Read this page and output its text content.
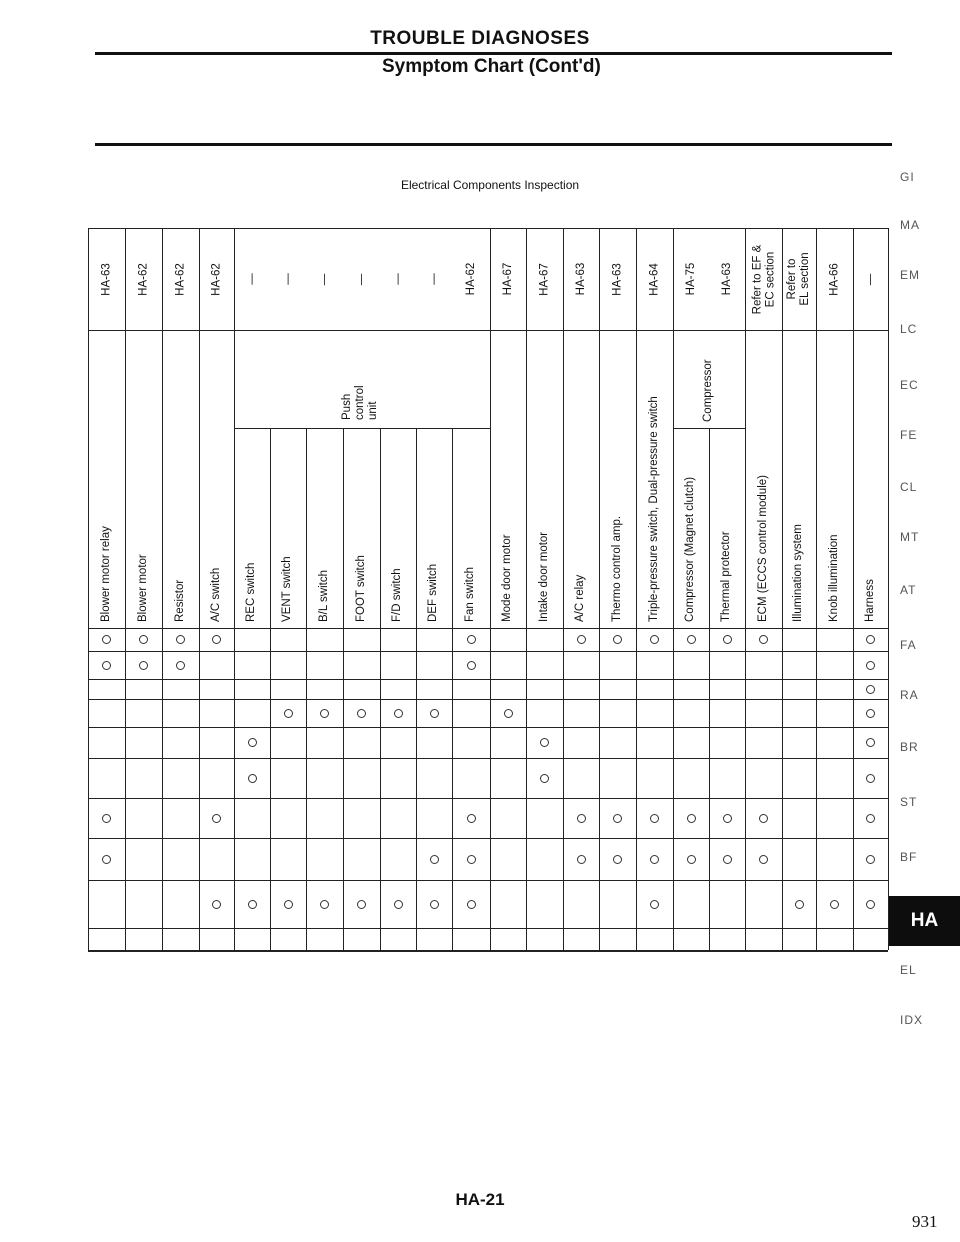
TROUBLE DIAGNOSES
Symptom Chart (Cont'd)
Electrical Components Inspection
HA-63
Blower motor relay
HA-62
Blower motor
HA-62
Resistor
HA-62
A/C switch
—
REC switch
—
VENT switch
—
B/L switch
—
FOOT switch
—
F/D switch
—
DEF switch
HA-62
Fan switch
HA-67
Mode door motor
HA-67
Intake door motor
HA-63
A/C relay
HA-63
Thermo control amp.
HA-64
Triple-pressure switch, Dual-pressure switch
HA-75
Compressor (Magnet clutch)
HA-63
Thermal protector
Refer to EF &
EC section
ECM (ECCS control module)
Refer to
EL section
Illumination system
HA-66
Knob illumination
—
Harness
Push
control
unit	Compressor
GI
MA
EM
LC
EC
FE
CL
MT
AT
FA
RA
BR
ST
BF
HA
EL
IDX
HA-21
931
